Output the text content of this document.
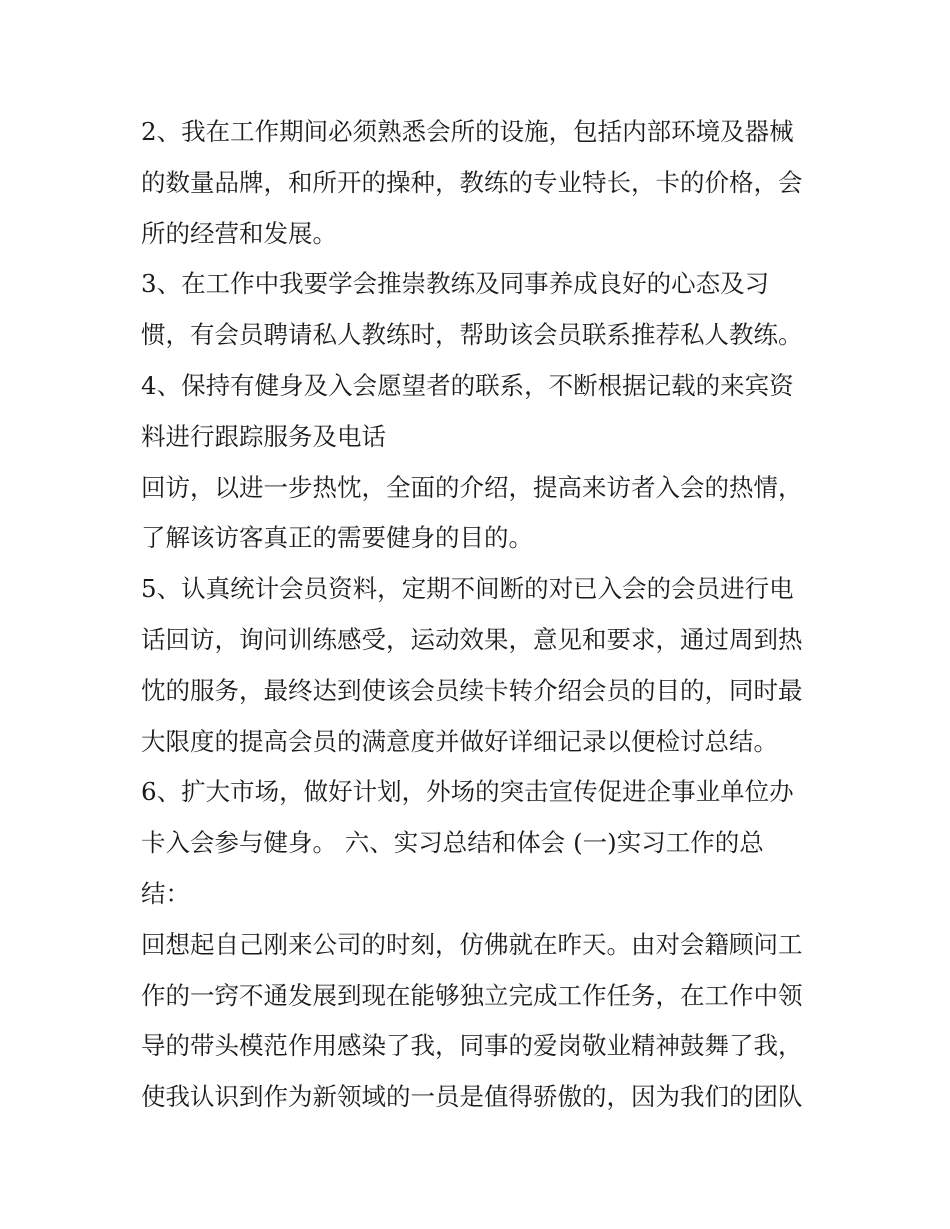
2、我在工作期间必须熟悉会所的设施，包括内部环境及器械
的数量品牌，和所开的操种，教练的专业特长，卡的价格，会
所的经营和发展。
3、在工作中我要学会推崇教练及同事养成良好的心态及习
惯，有会员聘请私人教练时，帮助该会员联系推荐私人教练。
4、保持有健身及入会愿望者的联系，不断根据记载的来宾资
料进行跟踪服务及电话
回访，以进一步热忱，全面的介绍，提高来访者入会的热情，
了解该访客真正的需要健身的目的。
5、认真统计会员资料，定期不间断的对已入会的会员进行电
话回访，询问训练感受，运动效果，意见和要求，通过周到热
忱的服务，最终达到使该会员续卡转介绍会员的目的，同时最
大限度的提高会员的满意度并做好详细记录以便检讨总结。
6、扩大市场，做好计划，外场的突击宣传促进企事业单位办
卡入会参与健身。 六、实习总结和体会 (一)实习工作的总
结：
回想起自己刚来公司的时刻，仿佛就在昨天。由对会籍顾问工
作的一窍不通发展到现在能够独立完成工作任务，在工作中领
导的带头模范作用感染了我，同事的爱岗敬业精神鼓舞了我，
使我认识到作为新领域的一员是值得骄傲的，因为我们的团队
